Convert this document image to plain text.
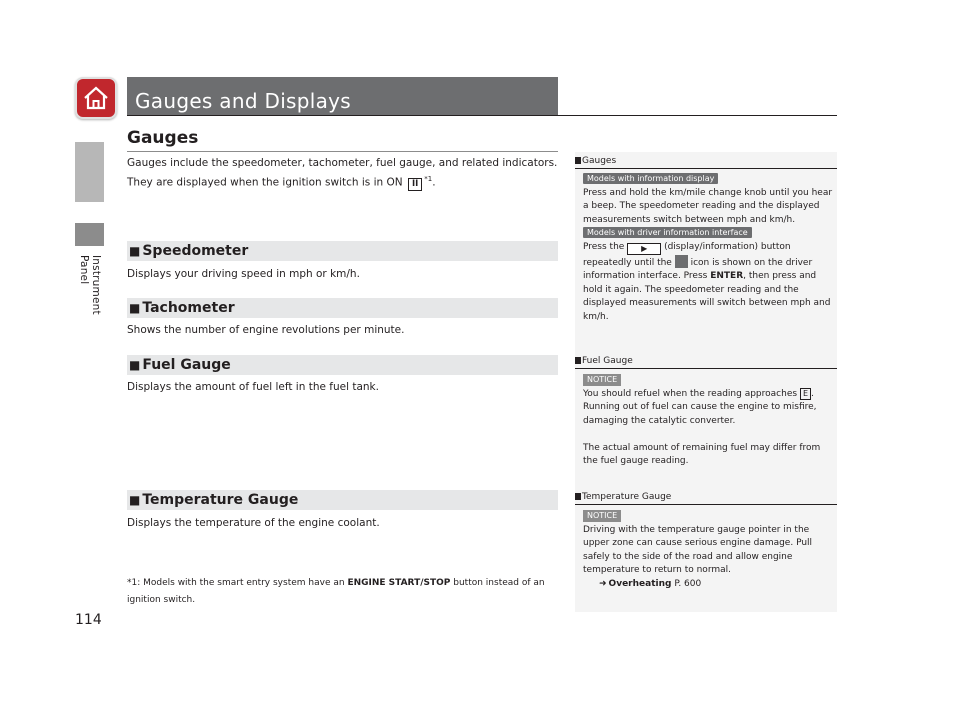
Instrument Panel
Gauges and Displays
Gauges
Gauges include the speedometer, tachometer, fuel gauge, and related indicators.
They are displayed when the ignition switch is in ON II $^{*1}$.
■ Speedometer
Displays your driving speed in mph or km/h.
■ Tachometer
Shows the number of engine revolutions per minute.
■ Fuel Gauge
Displays the amount of fuel left in the fuel tank.
■ Temperature Gauge
Displays the temperature of the engine coolant.
*1: Models with the smart entry system have an ENGINE START/STOP button instead of an ignition switch.
114
Gauges
Models with information display
Press and hold the km/mile change knob until you hear a beep. The speedometer reading and the displayed measurements switch between mph and km/h.
Models with driver information interface
Press the ▶ (display/information) button repeatedly until the icon is shown on the driver information interface. Press ENTER, then press and hold it again. The speedometer reading and the displayed measurements will switch between mph and km/h.
Fuel Gauge
NOTICE
You should refuel when the reading approaches E . Running out of fuel can cause the engine to misfire, damaging the catalytic converter.

The actual amount of remaining fuel may differ from the fuel gauge reading.
Temperature Gauge
NOTICE
Driving with the temperature gauge pointer in the upper zone can cause serious engine damage. Pull safely to the side of the road and allow engine temperature to return to normal.
➜ Overheating P. 600
